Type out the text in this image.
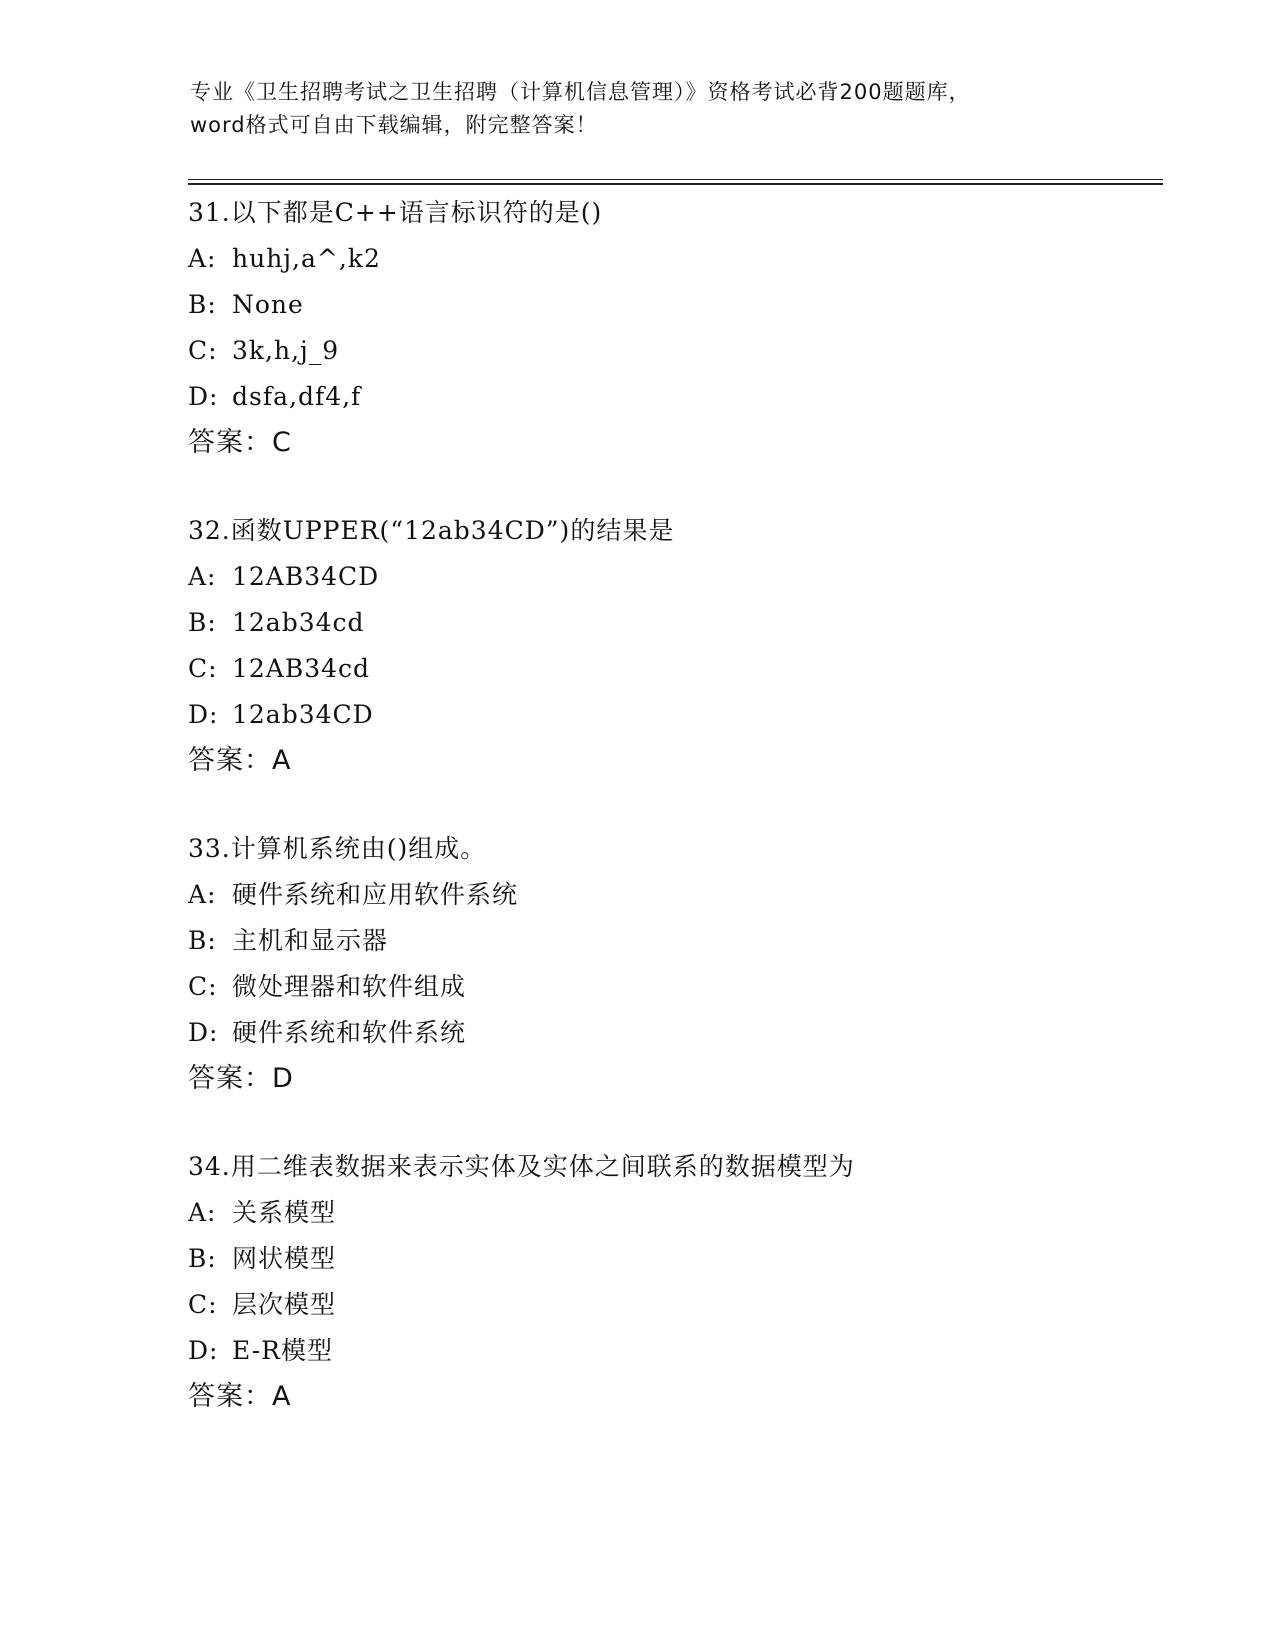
专业《卫生招聘考试之卫生招聘（计算机信息管理）》资格考试必背200题题库，
word格式可自由下载编辑，附完整答案！
31.以下都是C++语言标识符的是()
A: huhj,a^,k2
B: None
C: 3k,h,j_9
D: dsfa,df4,f
答案：C
32.函数UPPER(“12ab34CD”)的结果是
A: 12AB34CD
B: 12ab34cd
C: 12AB34cd
D: 12ab34CD
答案：A
33.计算机系统由()组成。
A: 硬件系统和应用软件系统
B: 主机和显示器
C: 微处理器和软件组成
D: 硬件系统和软件系统
答案：D
34.用二维表数据来表示实体及实体之间联系的数据模型为
A: 关系模型
B: 网状模型
C: 层次模型
D: E-R模型
答案：A
